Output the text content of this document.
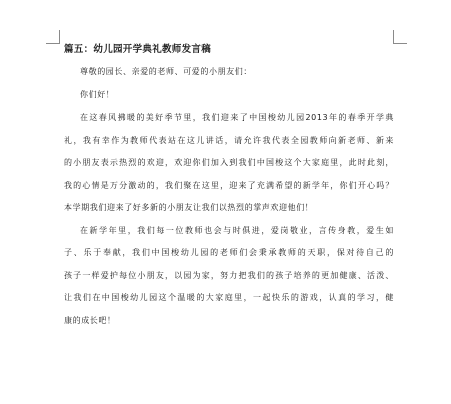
篇五：幼儿园开学典礼教师发言稿
尊敬的园长、亲爱的老师、可爱的小朋友们：
你们好！
在这春风拂暖的美好季节里，我们迎来了中国梭幼儿园2013年的春季开学典
礼，我有幸作为教师代表站在这儿讲话，请允许我代表全园教师向新老师、新来
的小朋友表示热烈的欢迎，欢迎你们加入到我们中国梭这个大家庭里，此时此刻，
我的心情是万分激动的，我们聚在这里，迎来了充满希望的新学年，你们开心吗？
本学期我们迎来了好多新的小朋友让我们以热烈的掌声欢迎他们！
在新学年里，我们每一位教师也会与时俱进，爱岗敬业，言传身教，爱生如
子、乐于奉献，我们中国梭幼儿园的老师们会秉承教师的天职，保对待自己的
孩子一样爱护每位小朋友，以园为家，努力把我们的孩子培养的更加健康、活泼、
让我们在中国梭幼儿园这个温暖的大家庭里，一起快乐的游戏，认真的学习，健
康的成长吧！
